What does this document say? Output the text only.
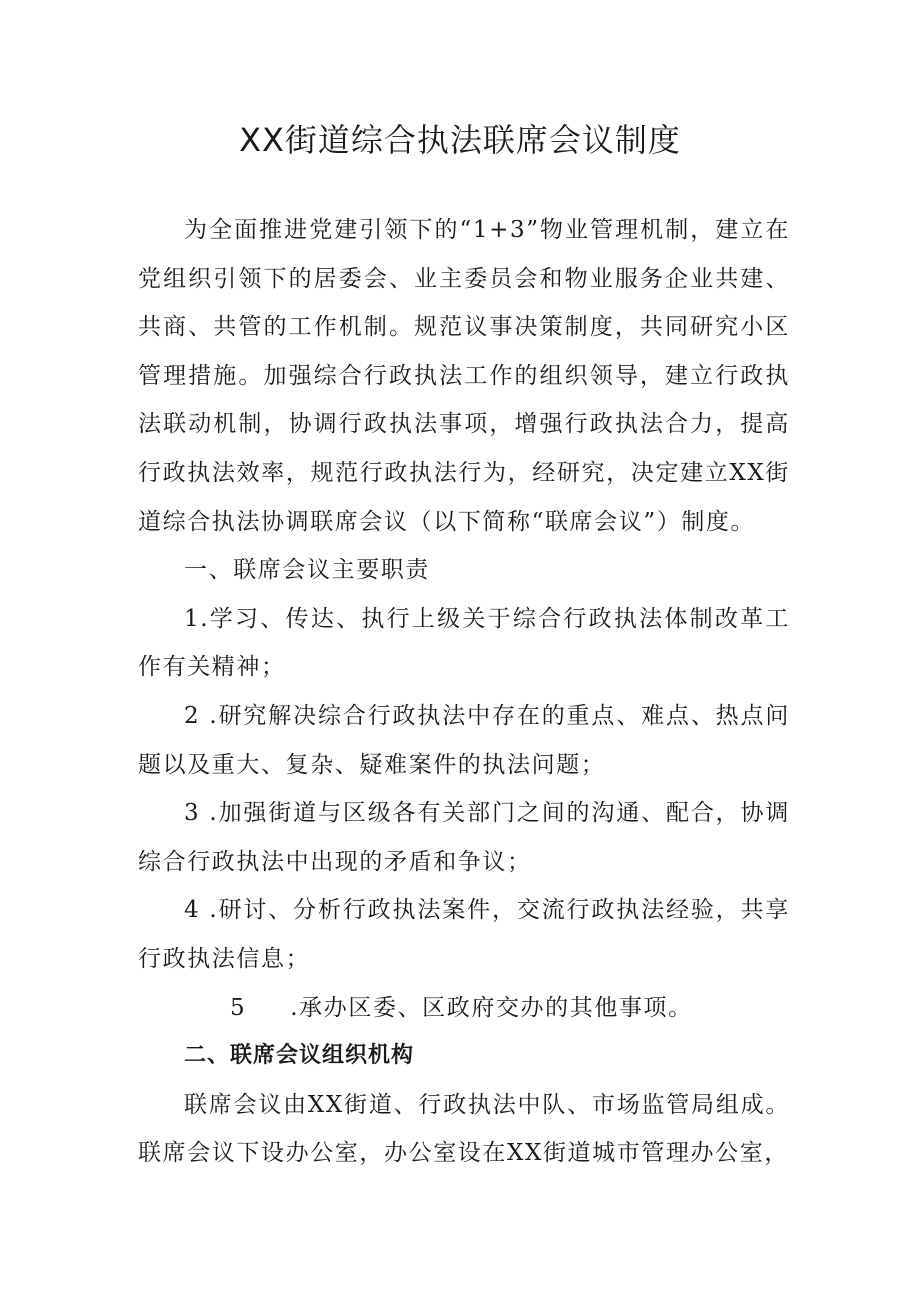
XX街道综合执法联席会议制度

为全面推进党建引领下的“1+3”物业管理机制，建立在党组织引领下的居委会、业主委员会和物业服务企业共建、共商、共管的工作机制。规范议事决策制度，共同研究小区管理措施。加强综合行政执法工作的组织领导，建立行政执法联动机制，协调行政执法事项，增强行政执法合力，提高行政执法效率，规范行政执法行为，经研究，决定建立XX街道综合执法协调联席会议（以下简称“联席会议”）制度。

一、联席会议主要职责

1.学习、传达、执行上级关于综合行政执法体制改革工作有关精神；

2 .研究解决综合行政执法中存在的重点、难点、热点问题以及重大、复杂、疑难案件的执法问题；

3 .加强街道与区级各有关部门之间的沟通、配合，协调综合行政执法中出现的矛盾和争议；

4 .研讨、分析行政执法案件，交流行政执法经验，共享行政执法信息；

5 .承办区委、区政府交办的其他事项。

二、联席会议组织机构

联席会议由XX街道、行政执法中队、市场监管局组成。联席会议下设办公室，办公室设在XX街道城市管理办公室，
